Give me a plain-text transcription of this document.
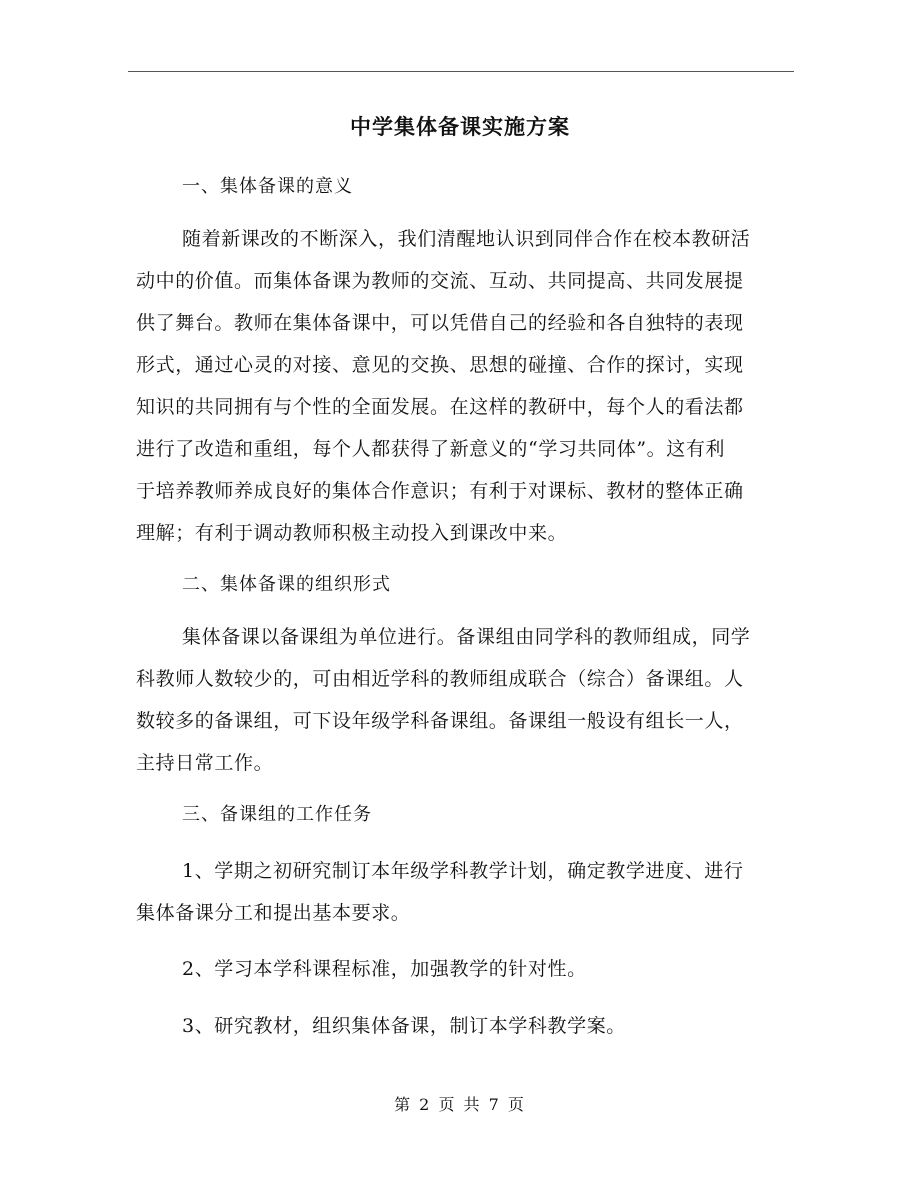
中学集体备课实施方案
一、集体备课的意义
随着新课改的不断深入，我们清醒地认识到同伴合作在校本教研活
动中的价值。而集体备课为教师的交流、互动、共同提高、共同发展提
供了舞台。教师在集体备课中，可以凭借自己的经验和各自独特的表现
形式，通过心灵的对接、意见的交换、思想的碰撞、合作的探讨，实现
知识的共同拥有与个性的全面发展。在这样的教研中，每个人的看法都
进行了改造和重组，每个人都获得了新意义的“学习共同体”。这有利
于培养教师养成良好的集体合作意识；有利于对课标、教材的整体正确
理解；有利于调动教师积极主动投入到课改中来。
二、集体备课的组织形式
集体备课以备课组为单位进行。备课组由同学科的教师组成，同学
科教师人数较少的，可由相近学科的教师组成联合（综合）备课组。人
数较多的备课组，可下设年级学科备课组。备课组一般设有组长一人，
主持日常工作。
三、备课组的工作任务
1、学期之初研究制订本年级学科教学计划，确定教学进度、进行
集体备课分工和提出基本要求。
2、学习本学科课程标准，加强教学的针对性。
3、研究教材，组织集体备课，制订本学科教学案。
第 2 页 共 7 页
